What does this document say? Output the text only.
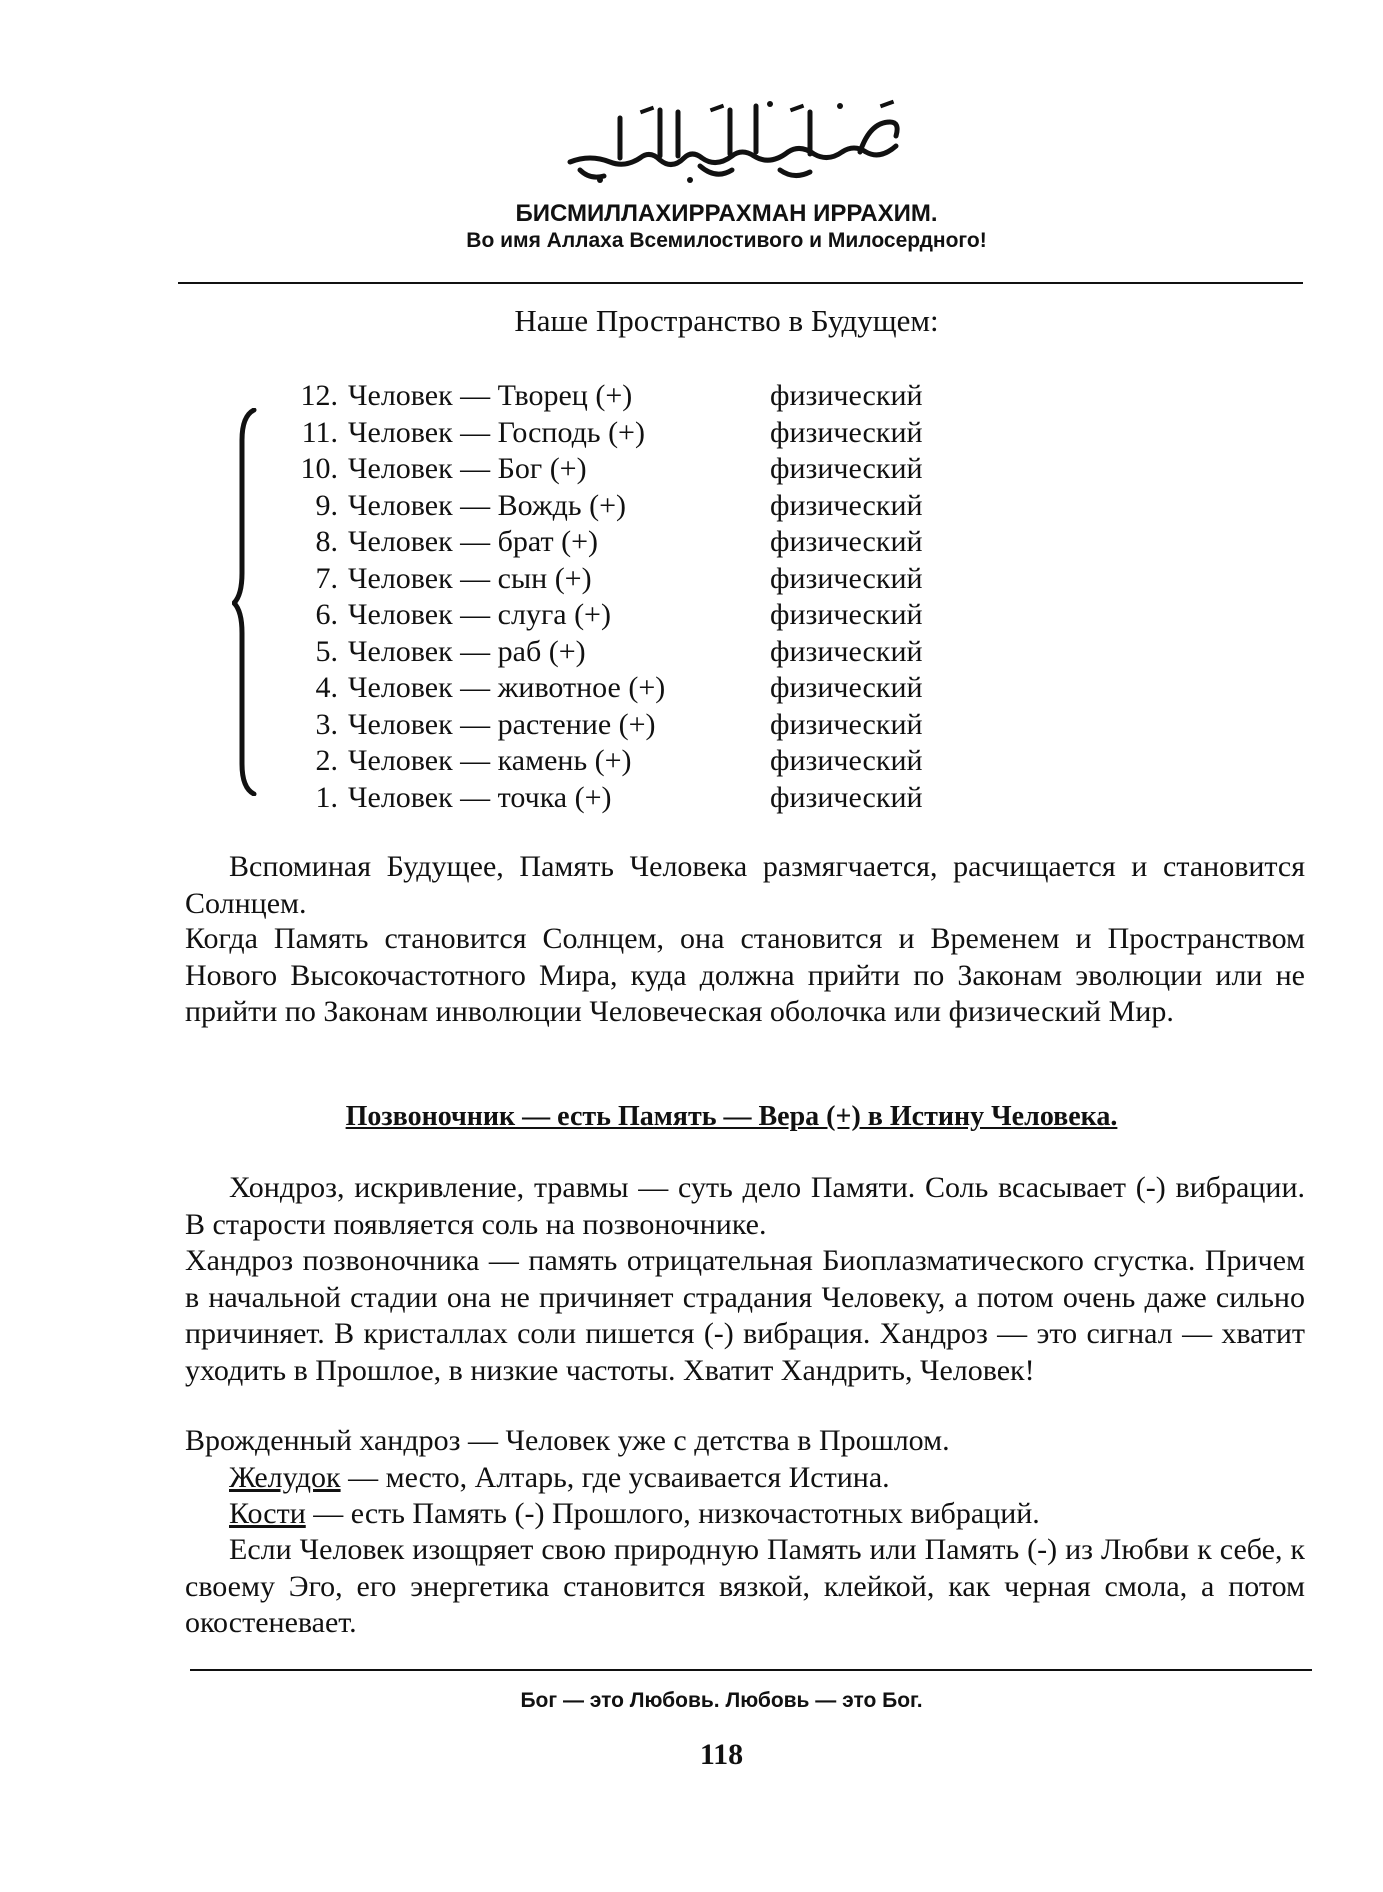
БИСМИЛЛАХИРРАХМАН ИРРАХИМ.
Во имя Аллаха Всемилостивого и Милосердного!
Наше Пространство в Будущем:
12. Человек — Творец (+)	физический
11. Человек — Господь (+)	физический
10. Человек — Бог (+)	физический
9. Человек — Вождь (+)	физический
8. Человек — брат (+)	физический
7. Человек — сын (+)	физический
6. Человек — слуга (+)	физический
5. Человек — раб (+)	физический
4. Человек — животное (+)	физический
3. Человек — растение (+)	физический
2. Человек — камень (+)	физический
1. Человек — точка (+)	физический

Вспоминая Будущее, Память Человека размягчается, расчищается и становится Солнцем.

Когда Память становится Солнцем, она становится и Временем и Пространством Нового Высокочастотного Мира, куда должна прийти по Законам эволюции или не прийти по Законам инволюции Человеческая оболочка или физический Мир.

Позвоночник — есть Память — Вера (+) в Истину Человека.

Хондроз, искривление, травмы — суть дело Памяти. Соль всасывает (-) вибрации. В старости появляется соль на позвоночнике.

Хандроз позвоночника — память отрицательная Биоплазматического сгустка. Причем в начальной стадии она не причиняет страдания Человеку, а потом очень даже сильно причиняет. В кристаллах соли пишется (-) вибрация. Хандроз — это сигнал — хватит уходить в Прошлое, в низкие частоты. Хватит Хандрить, Человек!

Врожденный хандроз — Человек уже с детства в Прошлом.

Желудок — место, Алтарь, где усваивается Истина.

Кости — есть Память (-) Прошлого, низкочастотных вибраций.

Если Человек изощряет свою природную Память или Память (-) из Любви к себе, к своему Эго, его энергетика становится вязкой, клейкой, как черная смола, а потом окостеневает.

Бог — это Любовь. Любовь — это Бог.
118
